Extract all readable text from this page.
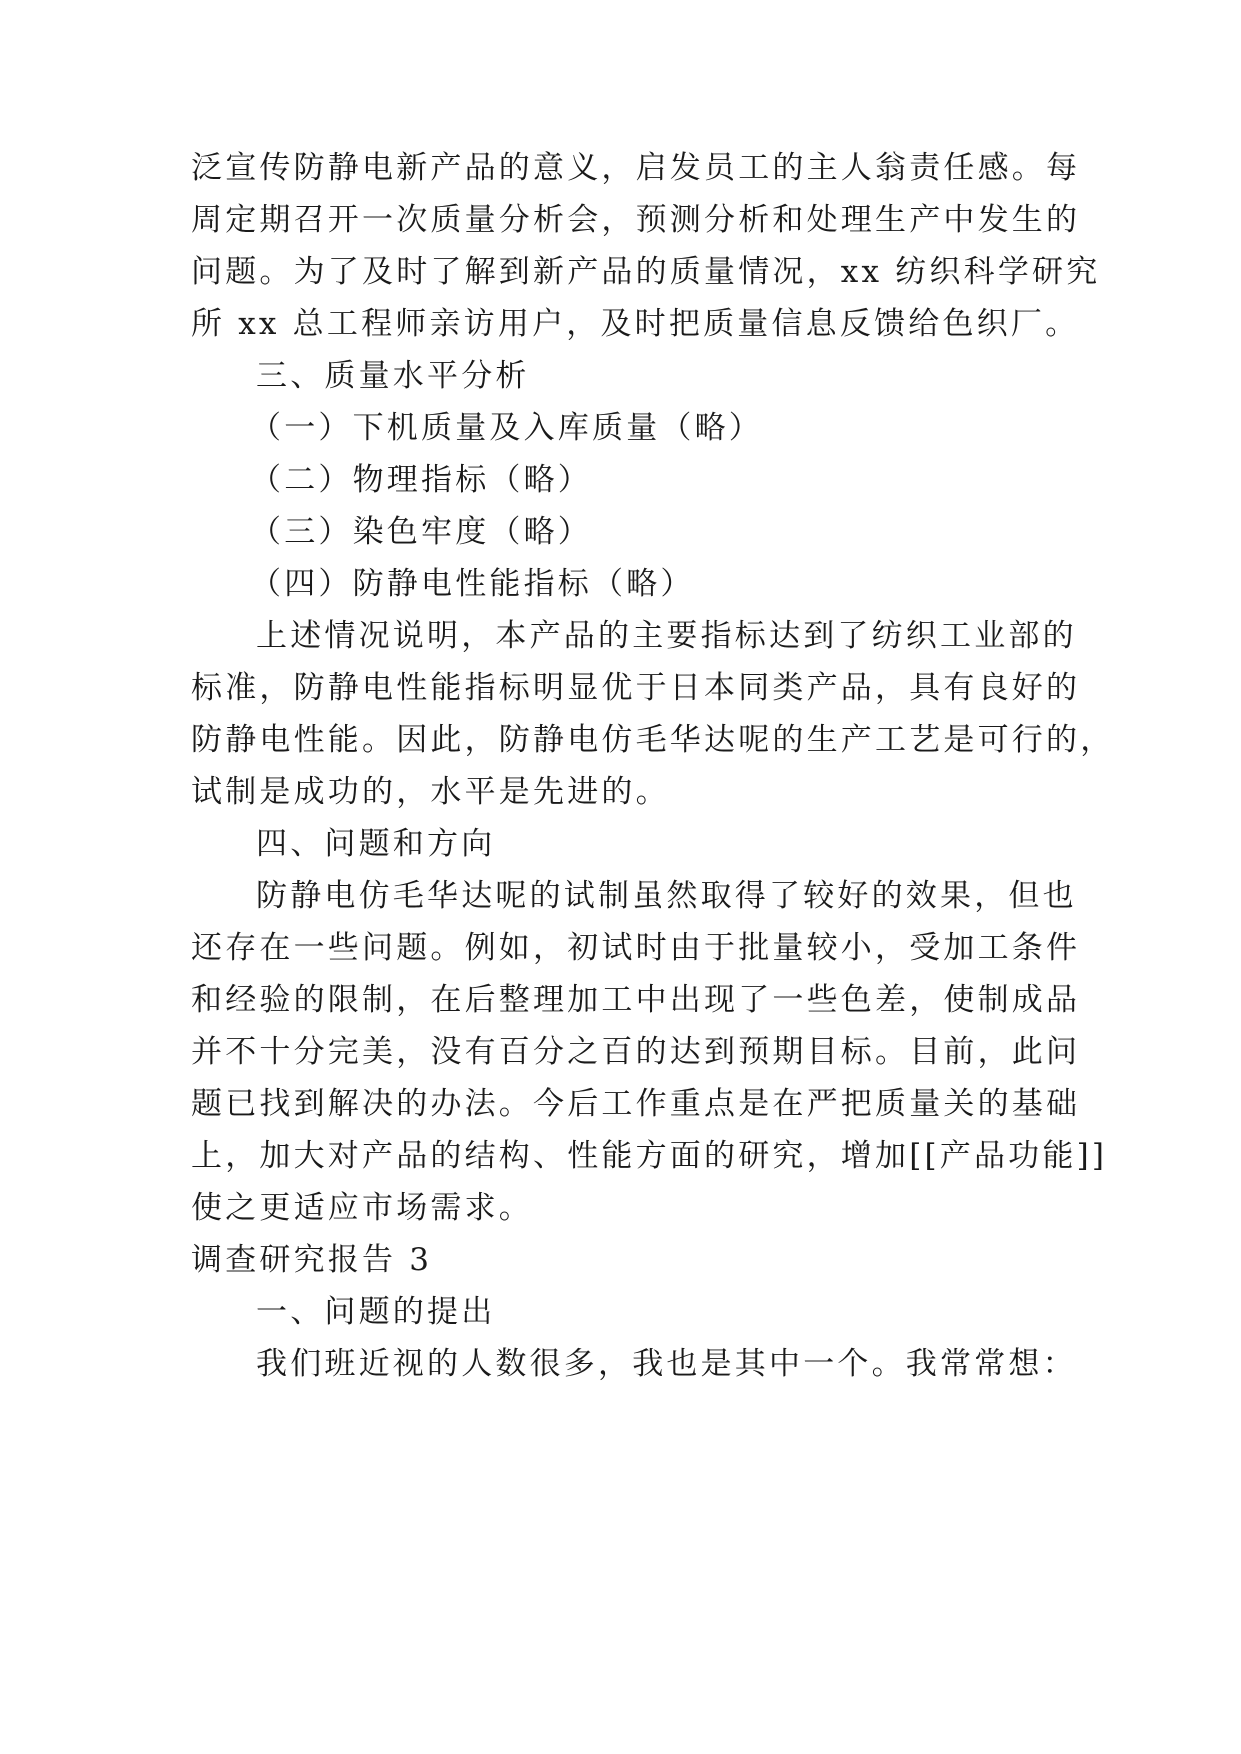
泛宣传防静电新产品的意义，启发员工的主人翁责任感。每
周定期召开一次质量分析会，预测分析和处理生产中发生的
问题。为了及时了解到新产品的质量情况，xx 纺织科学研究
所 xx 总工程师亲访用户，及时把质量信息反馈给色织厂。
三、质量水平分析
（一）下机质量及入库质量（略）
（二）物理指标（略）
（三）染色牢度（略）
（四）防静电性能指标（略）
上述情况说明，本产品的主要指标达到了纺织工业部的
标准，防静电性能指标明显优于日本同类产品，具有良好的
防静电性能。因此，防静电仿毛华达呢的生产工艺是可行的，
试制是成功的，水平是先进的。
四、问题和方向
防静电仿毛华达呢的试制虽然取得了较好的效果，但也
还存在一些问题。例如，初试时由于批量较小，受加工条件
和经验的限制，在后整理加工中出现了一些色差，使制成品
并不十分完美，没有百分之百的达到预期目标。目前，此问
题已找到解决的办法。今后工作重点是在严把质量关的基础
上，加大对产品的结构、性能方面的研究，增加[[产品功能]]
使之更适应市场需求。
调查研究报告 3
一、问题的提出
我们班近视的人数很多，我也是其中一个。我常常想：
